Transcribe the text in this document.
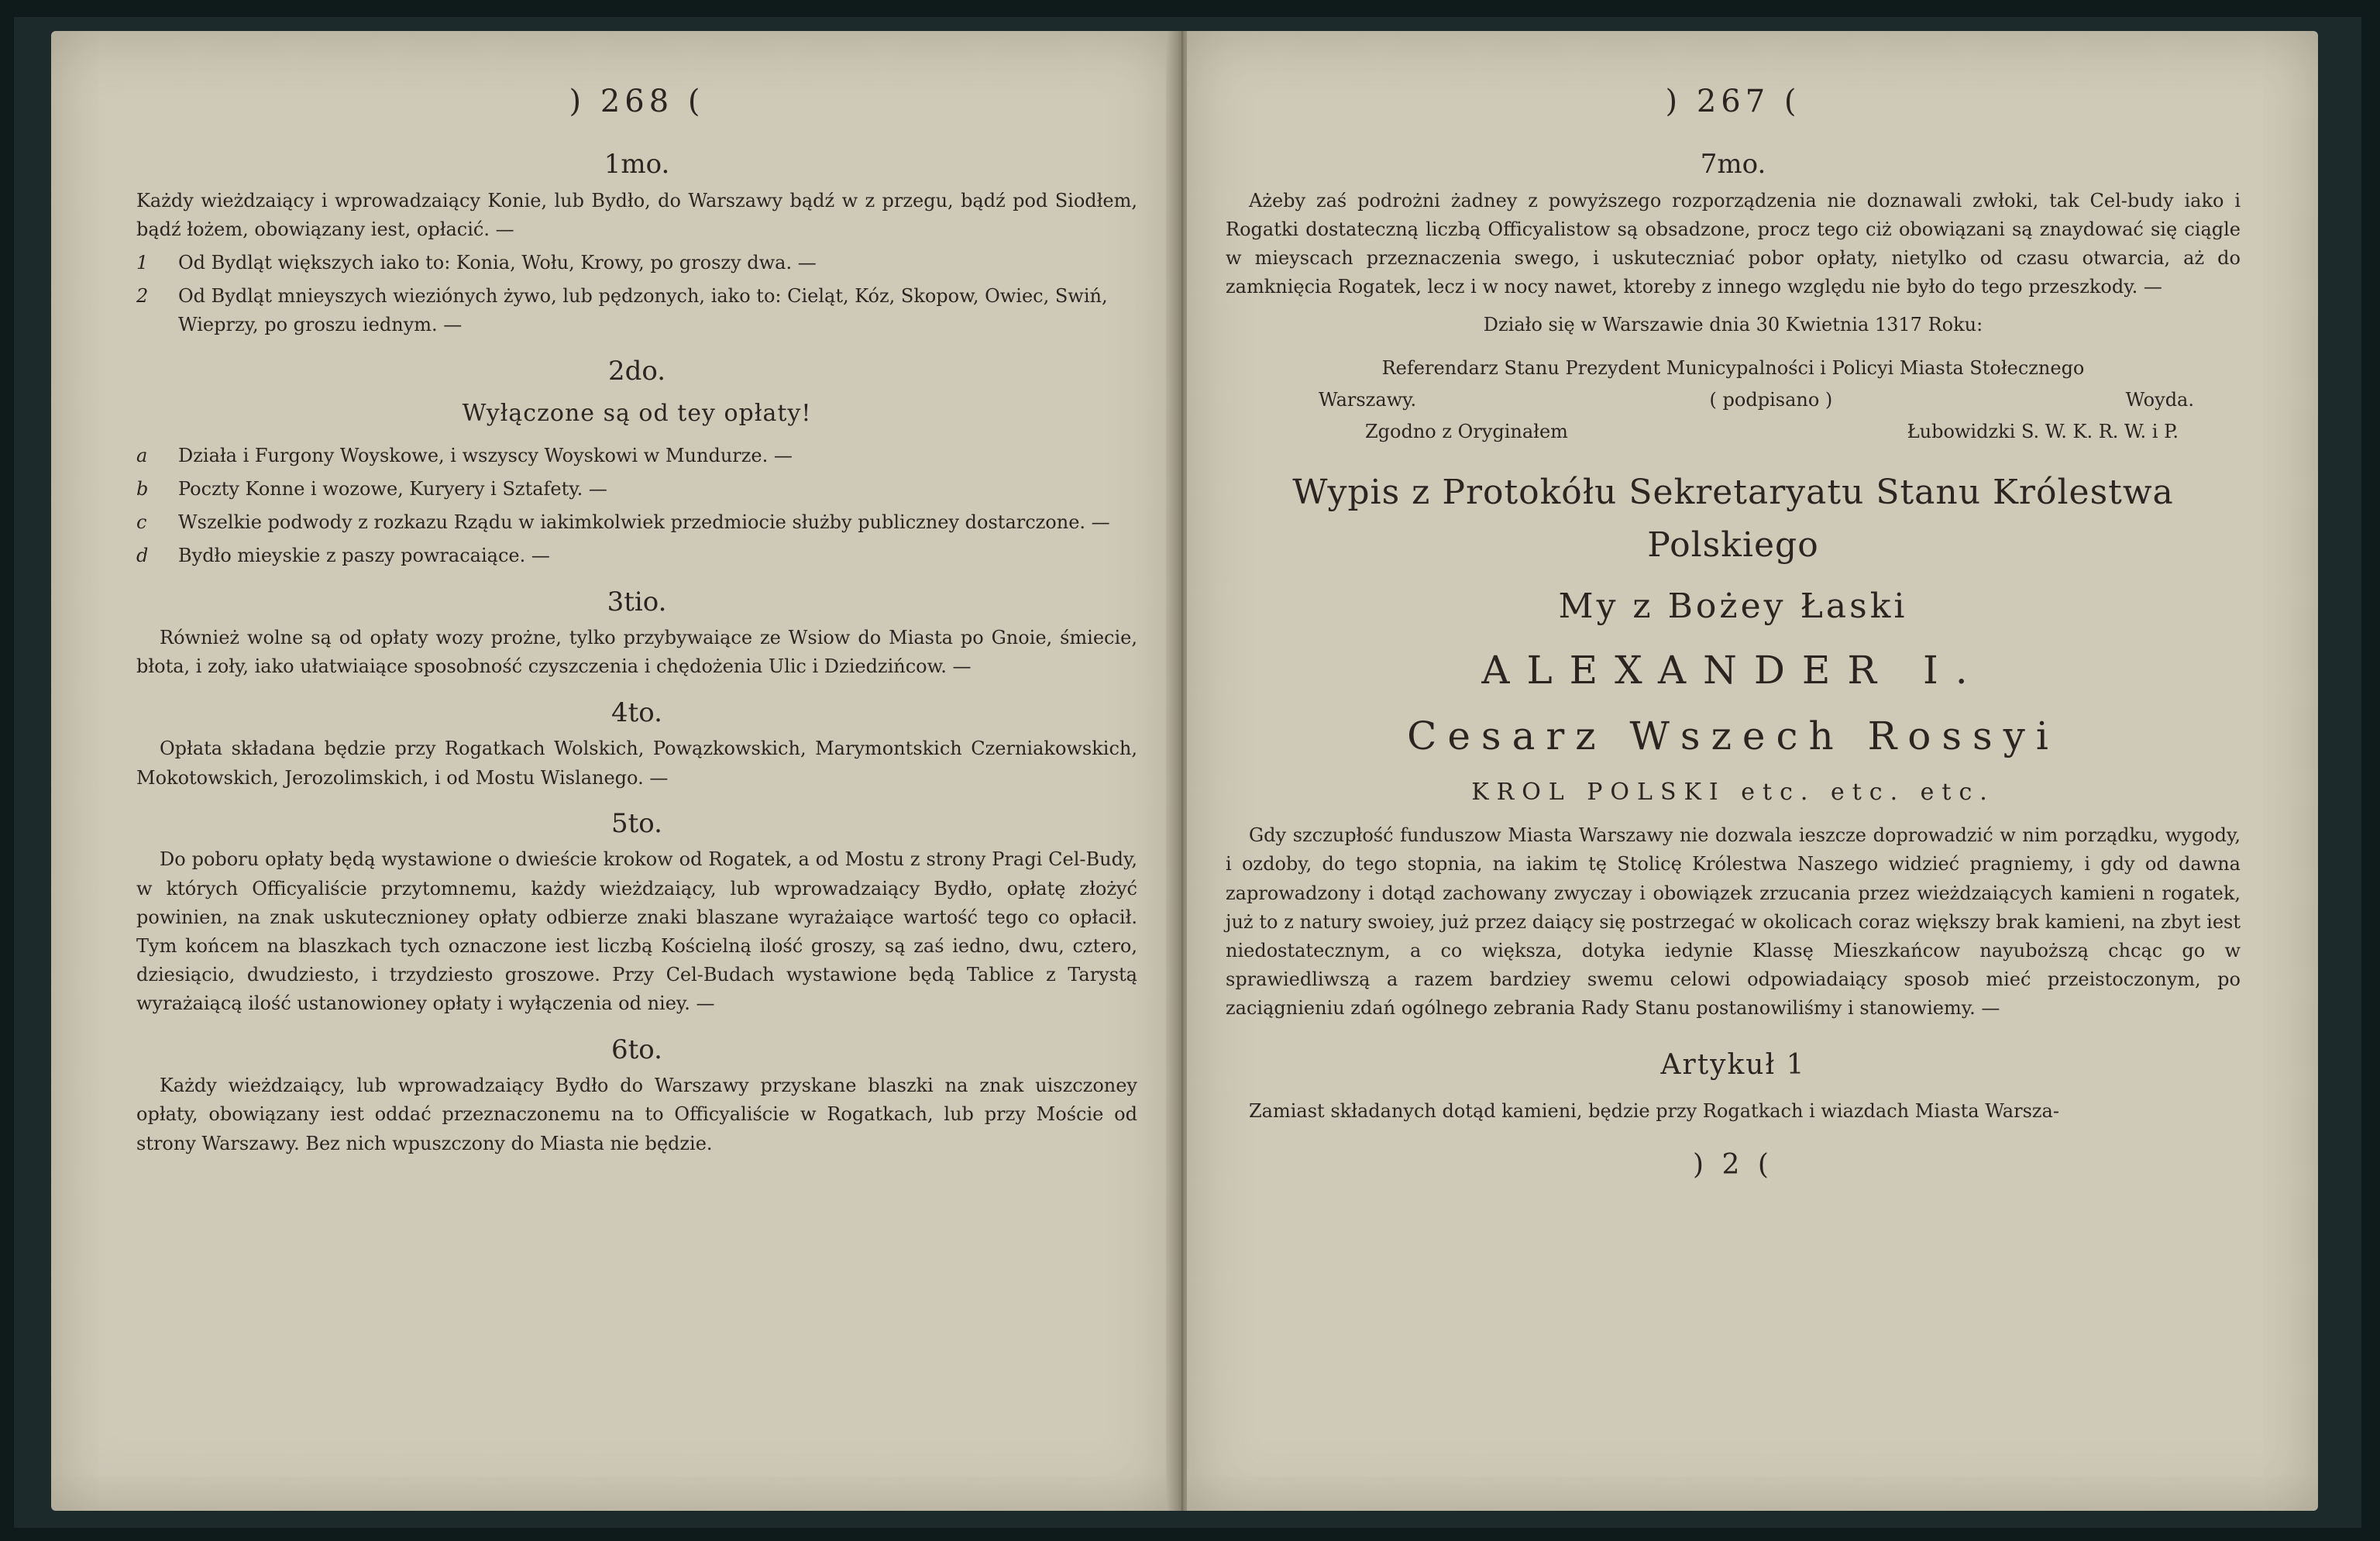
) 268 (
1mo.

Każdy wieżdzaiący i wprowadzaiący Konie, lub Bydło, do Warszawy bądź w z przegu, bądź pod Siodłem, bądź łożem, obowiązany iest, opłacić. —

1	Od Bydląt większych iako to: Konia, Wołu, Krowy, po groszy dwa. —
2	Od Bydląt mnieyszych wieziónych żywo, lub pędzonych, iako to: Cieląt, Kóz, Skopow, Owiec, Swiń, Wieprzy, po groszu iednym. —
2do.
Wyłączone są od tey opłaty!
a	Działa i Furgony Woyskowe, i wszyscy Woyskowi w Mundurze. —
b	Poczty Konne i wozowe, Kuryery i Sztafety. —
c	Wszelkie podwody z rozkazu Rządu w iakimkolwiek przedmiocie służby publiczney dostarczone. —
d	Bydło mieyskie z paszy powracaiące. —
3tio.

Również wolne są od opłaty wozy prożne, tylko przybywaiące ze Wsiow do Miasta po Gnoie, śmiecie, błota, i zoły, iako ułatwiaiące sposobność czyszczenia i chędożenia Ulic i Dziedzińcow. —

4to.

Opłata składana będzie przy Rogatkach Wolskich, Powązkowskich, Marymontskich Czerniakowskich, Mokotowskich, Jerozolimskich, i od Mostu Wislanego. —

5to.

Do poboru opłaty będą wystawione o dwieście krokow od Rogatek, a od Mostu z strony Pragi Cel-Budy, w których Officyaliście przytomnemu, każdy wieżdzaiący, lub wprowadzaiący Bydło, opłatę złożyć powinien, na znak uskutecznioney opłaty odbierze znaki blaszane wyrażaiące wartość tego co opłacił. Tym końcem na blaszkach tych oznaczone iest liczbą Kościelną ilość groszy, są zaś iedno, dwu, cztero, dziesiącio, dwudziesto, i trzydziesto groszowe. Przy Cel-Budach wystawione będą Tablice z Tarystą wyrażaiącą ilość ustanowioney opłaty i wyłączenia od niey. —

6to.

Każdy wieżdzaiący, lub wprowadzaiący Bydło do Warszawy przyskane blaszki na znak uiszczoney opłaty, obowiązany iest oddać przeznaczonemu na to Officyaliście w Rogatkach, lub przy Moście od strony Warszawy. Bez nich wpuszczony do Miasta nie będzie.

) 267 (
7mo.

Ażeby zaś podrożni żadney z powyższego rozporządzenia nie doznawali zwłoki, tak Cel-budy iako i Rogatki dostateczną liczbą Officyalistow są obsadzone, procz tego ciż obowiązani są znaydować się ciągle w mieyscach przeznaczenia swego, i uskuteczniać pobor opłaty, nietylko od czasu otwarcia, aż do zamknięcia Rogatek, lecz i w nocy nawet, ktoreby z innego względu nie było do tego przeszkody. —

Działo się w Warszawie dnia 30 Kwietnia 1317 Roku:
Referendarz Stanu Prezydent Municypalności i Policyi Miasta Stołecznego
Warszawy.	( podpisano )	Woyda.
Zgodno z Oryginałem	Łubowidzki S. W. K. R. W. i P.
Wypis z Protokółu Sekretaryatu Stanu Królestwa Polskiego
My z Bożey Łaski
ALEXANDER I.
Cesarz Wszech Rossyi
KROL POLSKI etc. etc. etc.

Gdy szczupłość funduszow Miasta Warszawy nie dozwala ieszcze doprowadzić w nim porządku, wygody, i ozdoby, do tego stopnia, na iakim tę Stolicę Królestwa Naszego widzieć pragniemy, i gdy od dawna zaprowadzony i dotąd zachowany zwyczay i obowiązek zrzucania przez wieżdzaiących kamieni n rogatek, już to z natury swoiey, już przez daiący się postrzegać w okolicach coraz większy brak kamieni, na zbyt iest niedostatecznym, a co większa, dotyka iedynie Klassę Mieszkańcow nayuboższą chcąc go w sprawiedliwszą a razem bardziey swemu celowi odpowiadaiący sposob mieć przeistoczonym, po zaciągnieniu zdań ogólnego zebrania Rady Stanu postanowiliśmy i stanowiemy. —

Artykuł 1

Zamiast składanych dotąd kamieni, będzie przy Rogatkach i wiazdach Miasta Warsza-

) 2 (
